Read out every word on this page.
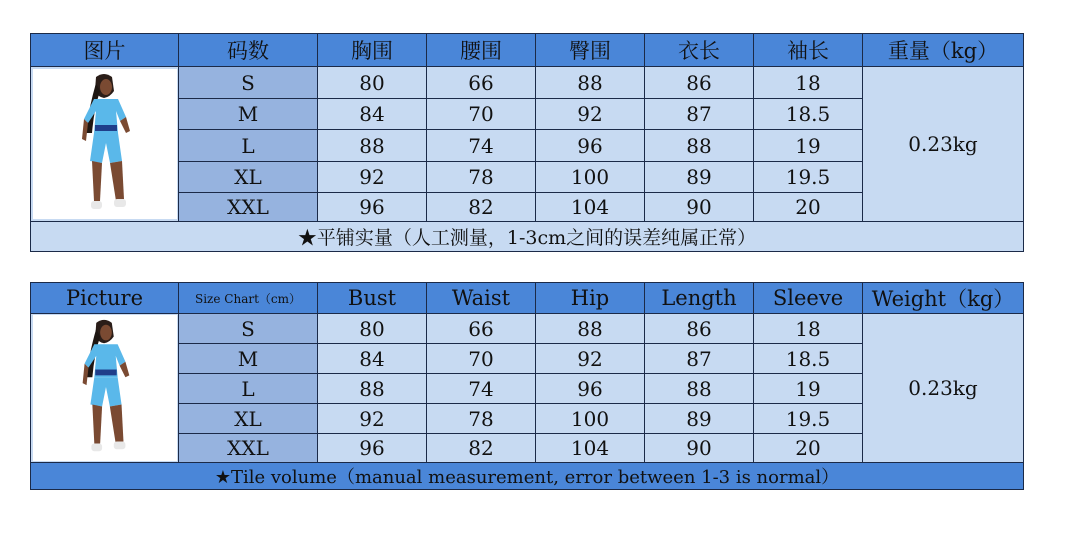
图片	码数	胸围	腰围	臀围	衣长	袖长	重量（kg）

	S	80	66	88	86	18	0.23kg
	M	84	70	92	87	18.5	
	L	88	74	96	88	19	
	XL	92	78	100	89	19.5	
	XXL	96	82	104	90	20	
★平铺实量（人工测量，1-3cm之间的误差纯属正常）							
Picture	Size Chart（cm）	Bust	Waist	Hip	Length	Sleeve	Weight（kg）

	S	80	66	88	86	18	0.23kg
	M	84	70	92	87	18.5	
	L	88	74	96	88	19	
	XL	92	78	100	89	19.5	
	XXL	96	82	104	90	20	
★Tile volume（manual measurement, error between 1-3 is normal）							
